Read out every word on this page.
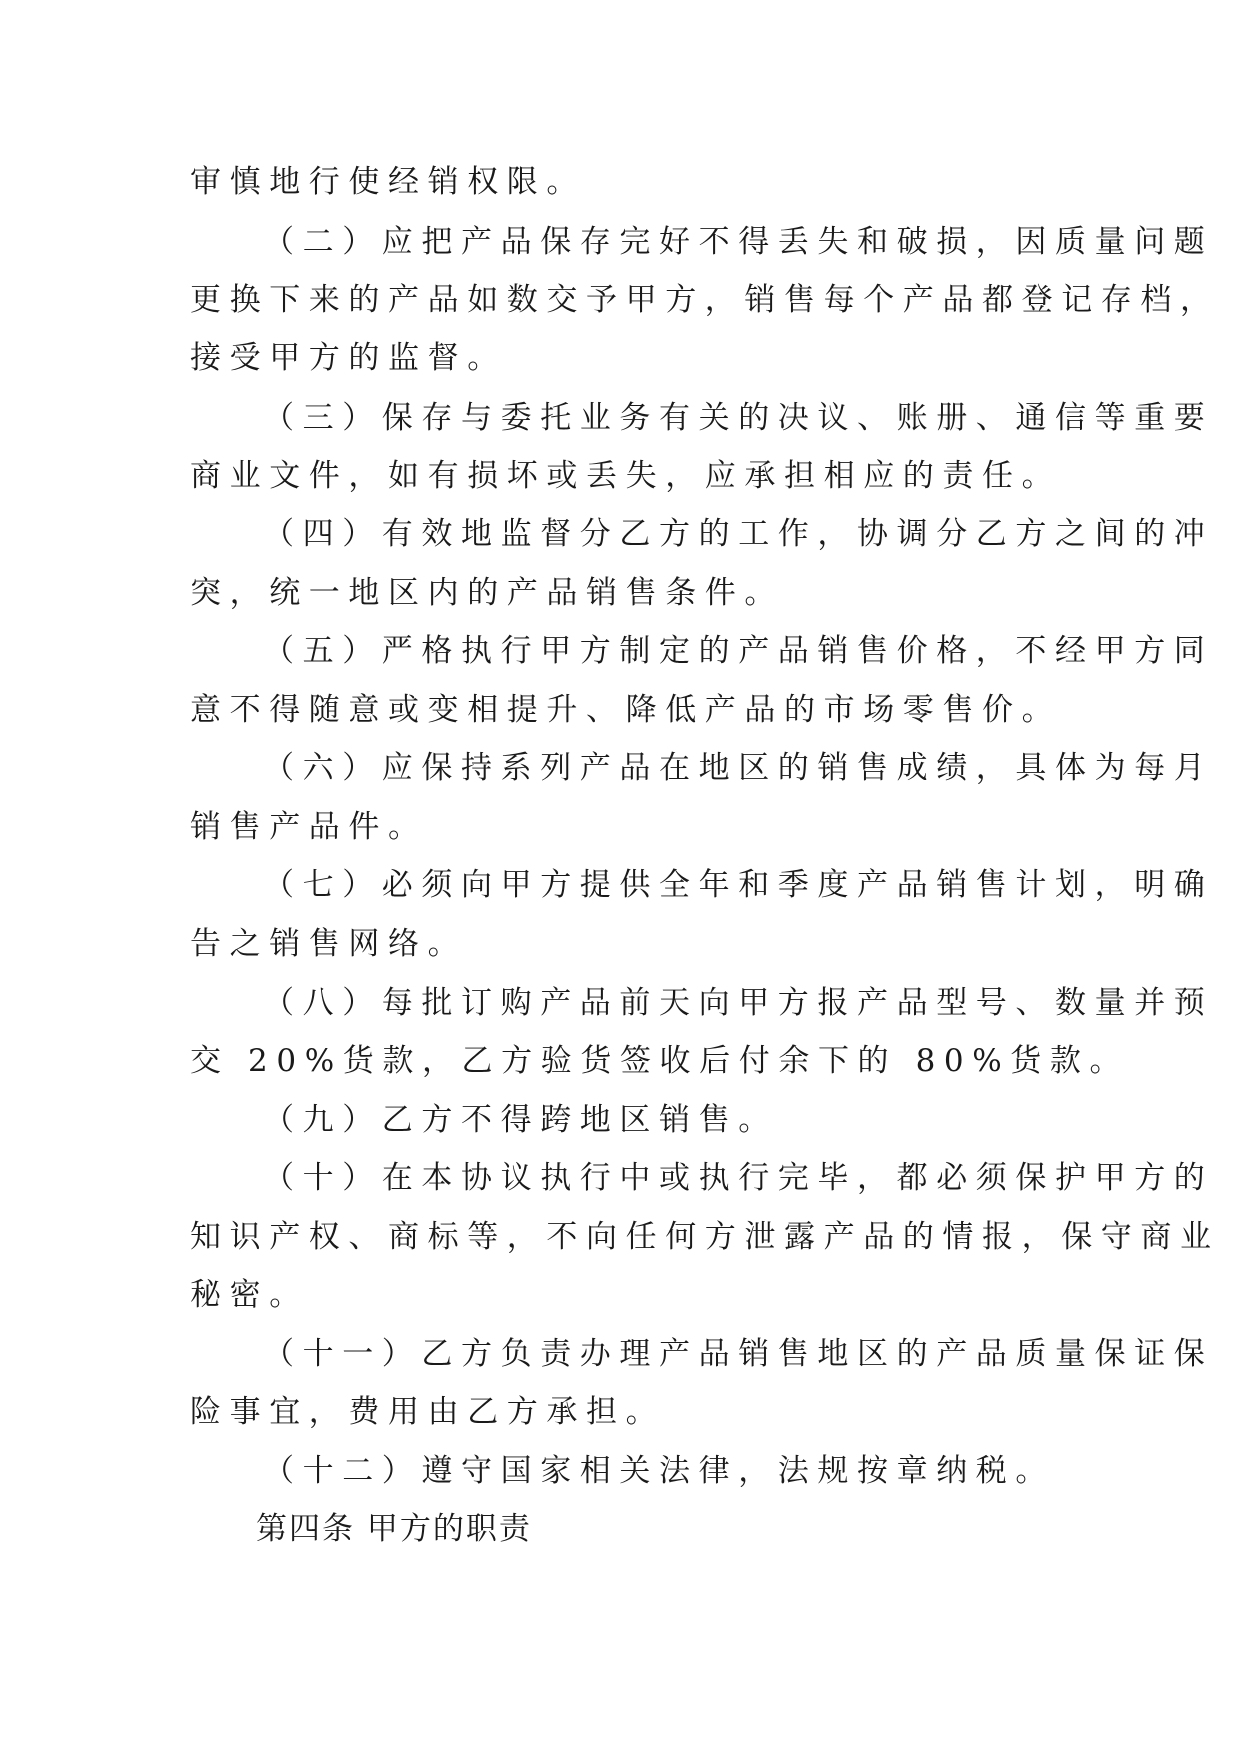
审慎地行使经销权限。
（二）应把产品保存完好不得丢失和破损，因质量问题
更换下来的产品如数交予甲方，销售每个产品都登记存档，
接受甲方的监督。
（三）保存与委托业务有关的决议、账册、通信等重要
商业文件，如有损坏或丢失，应承担相应的责任。
（四）有效地监督分乙方的工作，协调分乙方之间的冲
突，统一地区内的产品销售条件。
（五）严格执行甲方制定的产品销售价格，不经甲方同
意不得随意或变相提升、降低产品的市场零售价。
（六）应保持系列产品在地区的销售成绩，具体为每月
销售产品件。
（七）必须向甲方提供全年和季度产品销售计划，明确
告之销售网络。
（八）每批订购产品前天向甲方报产品型号、数量并预
交 20%货款，乙方验货签收后付余下的 80%货款。
（九）乙方不得跨地区销售。
（十）在本协议执行中或执行完毕，都必须保护甲方的
知识产权、商标等，不向任何方泄露产品的情报，保守商业
秘密。
（十一）乙方负责办理产品销售地区的产品质量保证保
险事宜，费用由乙方承担。
（十二）遵守国家相关法律，法规按章纳税。
第四条 甲方的职责
